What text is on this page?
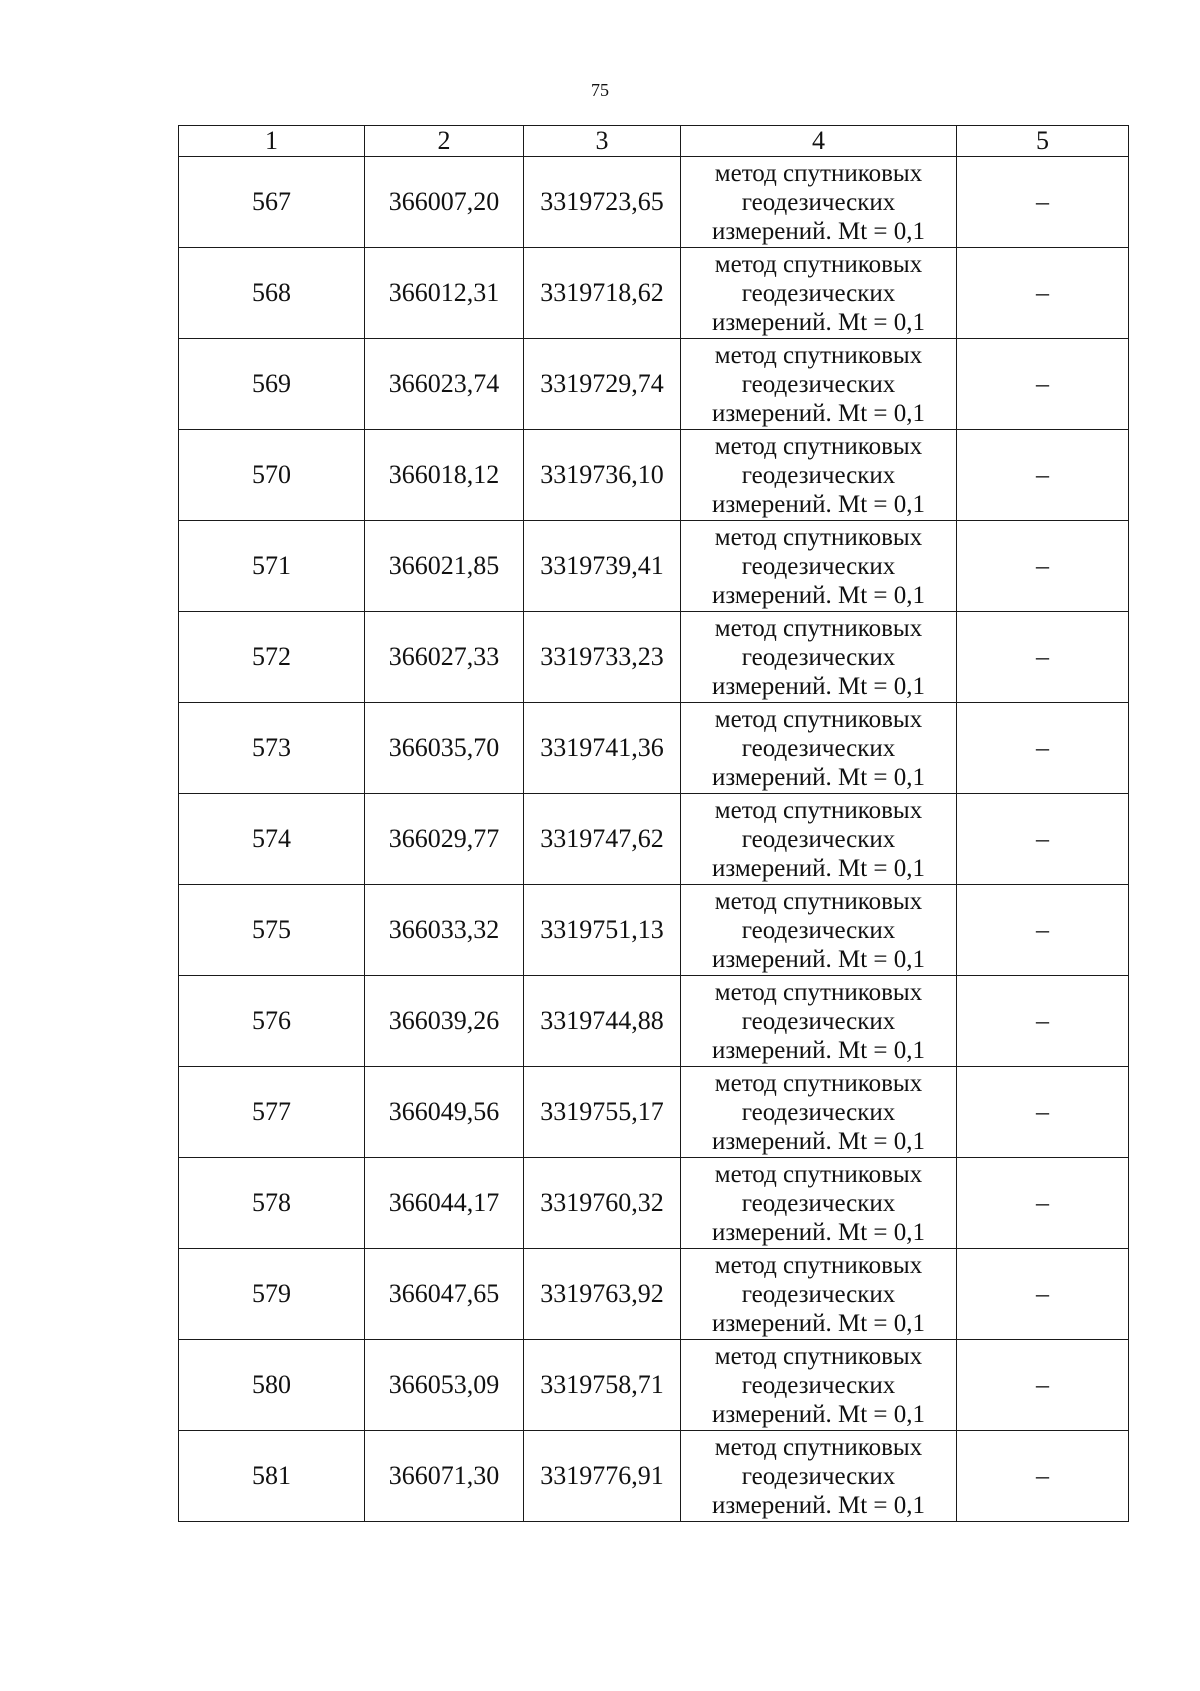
75
1	2	3	4	5
567	366007,20	3319723,65	метод спутниковых
геодезических
измерений. Mt = 0,1	–
568	366012,31	3319718,62	метод спутниковых
геодезических
измерений. Mt = 0,1	–
569	366023,74	3319729,74	метод спутниковых
геодезических
измерений. Mt = 0,1	–
570	366018,12	3319736,10	метод спутниковых
геодезических
измерений. Mt = 0,1	–
571	366021,85	3319739,41	метод спутниковых
геодезических
измерений. Mt = 0,1	–
572	366027,33	3319733,23	метод спутниковых
геодезических
измерений. Mt = 0,1	–
573	366035,70	3319741,36	метод спутниковых
геодезических
измерений. Mt = 0,1	–
574	366029,77	3319747,62	метод спутниковых
геодезических
измерений. Mt = 0,1	–
575	366033,32	3319751,13	метод спутниковых
геодезических
измерений. Mt = 0,1	–
576	366039,26	3319744,88	метод спутниковых
геодезических
измерений. Mt = 0,1	–
577	366049,56	3319755,17	метод спутниковых
геодезических
измерений. Mt = 0,1	–
578	366044,17	3319760,32	метод спутниковых
геодезических
измерений. Mt = 0,1	–
579	366047,65	3319763,92	метод спутниковых
геодезических
измерений. Mt = 0,1	–
580	366053,09	3319758,71	метод спутниковых
геодезических
измерений. Mt = 0,1	–
581	366071,30	3319776,91	метод спутниковых
геодезических
измерений. Mt = 0,1	–
